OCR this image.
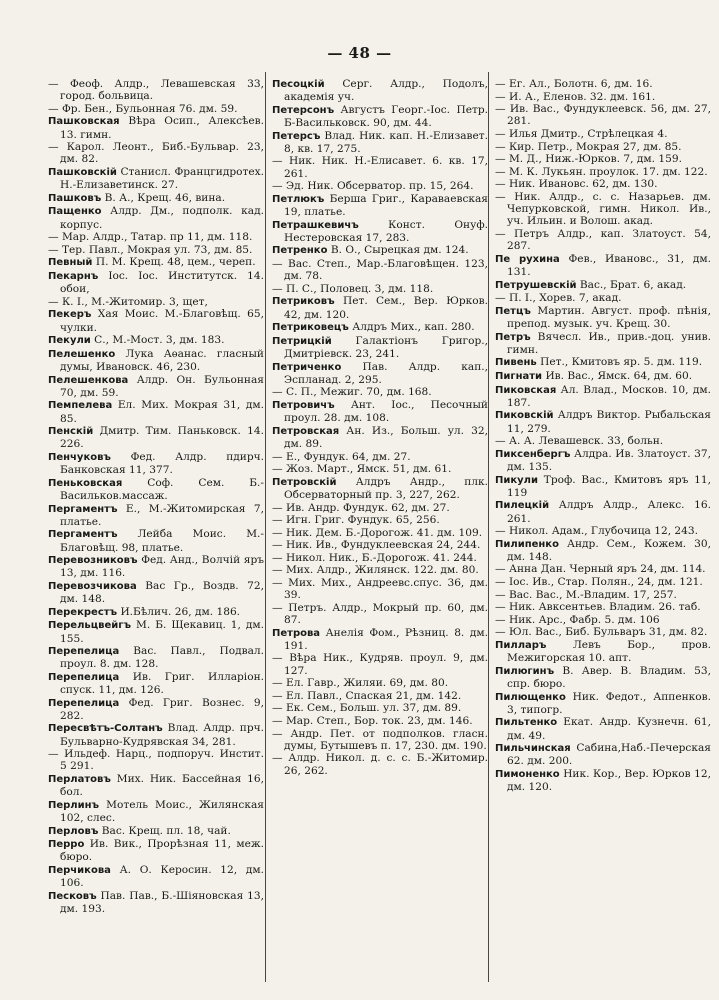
— 48 —
— Феоф. Алдр., Левашевская 33, город. больвица.
— Фр. Бен., Бульонная 76. дм. 59.
Пашковская Вѣра Осип., Алексѣев. 13. гимн.
— Карол. Леонт., Биб.-Бульвар. 23, дм. 82.
Пашковскій Станисл. Францгидротех. Н.-Елизаветинск. 27.
Пашковъ В. А., Крещ. 46, вина.
Пащенко Алдр. Дм., подполк. кад. корпус.
— Мар. Алдр., Татар. пр 11, дм. 118.
— Тер. Павл., Мокрая ул. 73, дм. 85.
Певный П. М. Крещ. 48, цем., череп.
Пекарнъ Іос. Іос. Институтск. 14. обои,
— К. І., М.-Житомир. 3, щет,
Пекеръ Хая Моис. М.-Благовѣщ. 65, чулки.
Пекули С., М.-Мост. 3, дм. 183.
Пелешенко Лука Аѳанас. гласный думы, Ивановск. 46, 230.
Пелешенкова Алдр. Он. Бульонная 70, дм. 59.
Пемпелева Ел. Мих. Мокрая 31, дм. 85.
Пенскій Дмитр. Тим. Паньковск. 14. 226.
Пенчуковъ Фед. Алдр. пдирч. Банковская 11, 377.
Пеньковская Соф. Сем. Б.-Васильков.массаж.
Пергаментъ Е., М.-Житомирская 7, платье.
Пергаментъ Лейба Моис. М.-Благовѣщ. 98, платье.
Перевозниковъ Фед. Анд., Волчій яръ 13, дм. 116.
Перевозчикова Вас Гр., Воздв. 72, дм. 148.
Перекрестъ И.Бѣлич. 26, дм. 186.
Перельцвейгъ М. Б. Щекавиц. 1, дм. 155.
Перепелица Вас. Павл., Подвал. проул. 8. дм. 128.
Перепелица Ив. Григ. Илларіон. спуск. 11, дм. 126.
Перепелица Фед. Григ. Вознес. 9, 282.
Пересвѣтъ-Солтанъ Влад. Алдр. прч. Бульварно-Кудрявская 34, 281.
— Ильдеф. Нарц., подпоруч. Инстит. 5 291.
Перлатовъ Мих. Ник. Бассейная 16, бол.
Перлинъ Мотель Моис., Жилянская 102, слес.
Перловъ Вас. Крещ. пл. 18, чай.
Перро Ив. Вик., Прорѣзная 11, меж. бюро.
Перчикова А. О. Керосин. 12, дм. 106.
Песковъ Пав. Пав., Б.-Шіяновская 13, дм. 193.
Песоцкій Серг. Алдр., Подолъ, академія уч.
Петерсонъ Августъ Георг.-Іос. Петр. Б-Васильковск. 90, дм. 44.
Петерсъ Влад. Ник. кап. Н.-Елизавет. 8, кв. 17, 275.
— Ник. Ник. Н.-Елисавет. 6. кв. 17, 261.
— Эд. Ник. Обсерватор. пр. 15, 264.
Петлюкъ Берша Григ., Караваевская 19, платье.
Петрашкевичъ	Конст. Онуф. Нестеровская 17, 283.
Петренко В. О., Сырецкая дм. 124.
— Вас. Степ., Мар.-Благовѣщен. 123, дм. 78.
— П. С., Половец. 3, дм. 118.
Петриковъ Пет. Сем., Вер. Юрков. 42, дм. 120.
Петриковецъ Алдръ Мих., кап. 280.
Петрицкій Галактіонъ Григор., Дмитріевск. 23, 241.
Петриченко Пав. Алдр. кап., Эспланад. 2, 295.
— С. П., Межиг. 70, дм. 168.
Петровичъ Ант. Іос., Песочный проул. 28. дм. 108.
Петровская Ан. Из., Больш. ул. 32, дм. 89.
— Е., Фундук. 64, дм. 27.
— Жоз. Март., Ямск. 51, дм. 61.
Петровскій Алдръ Андр., плк. Обсерваторный пр. 3, 227, 262.
— Ив. Андр. Фундук. 62, дм. 27.
— Игн. Григ. Фундук. 65, 256.
— Ник. Дем. Б.-Дорогож. 41. дм. 109.
— Ник. Ив., Фундуклеевская 24, 244.
— Никол. Ник., Б.-Дорогож. 41. 244.
— Мих. Алдр., Жилянск. 122. дм. 80.
— Мих. Мих., Андреевс.спус. 36, дм. 39.
— Петръ. Алдр., Мокрый пр. 60, дм. 87.
Петрова Анелія Фом., Рѣзниц. 8. дм. 191.
— Вѣра Ник., Кудряв. проул. 9, дм. 127.
— Ел. Гавр., Жиляи. 69, дм. 80.
— Ел. Павл., Спаская 21, дм. 142.
— Ек. Сем., Больш. ул. 37, дм. 89.
— Мар. Степ., Бор. ток. 23, дм. 146.
— Андр. Пет. от подполков. гласн. думы, Бутышевъ п. 17, 230. дм. 190.
— Алдр. Никол. д. с. с. Б.-Житомир. 26, 262.
— Ег. Ал., Болотн. 6, дм. 16.
— И. А., Еленов. 32. дм. 161.
— Ив. Вас., Фундуклеевск. 56, дм. 27, 281.
— Илья Дмитр., Стрѣлецкая 4.
— Кир. Петр., Мокрая 27, дм. 85.
— М. Д., Ниж.-Юрков. 7, дм. 159.
— М. К. Лукьян. проулок. 17. дм. 122.
— Ник. Ивановс. 62, дм. 130.
— Ник. Алдр., с. с. Назарьев. дм. Чепурковской, гимн. Никол. Ив., уч. Ильин. и Волош. акад.
— Петръ Алдр., кап. Златоуст. 54, 287.
Пе рухина Фев., Ивановс., 31, дм. 131.
Петрушевскій Вас., Брат. 6, акад.
— П. І., Хорев. 7, акад.
Петцъ Мартин. Август. проф. пѣнія, препод. музык. уч. Крещ. 30.
Петръ Вячесл. Ив., прив.-доц. унив. гимн.
Пивень Пет., Кмитовъ яр. 5. дм. 119.
Пигнати Ив. Вас., Ямск. 64, дм. 60.
Пиковская Ал. Влад., Москов. 10, дм. 187.
Пиковскій Алдръ Виктор. Рыбальская 11, 279.
— А. А. Левашевск. 33, больн.
Пиксенбергъ Алдра. Ив. Златоуст. 37, дм. 135.
Пикули Троф. Вас., Кмитовъ яръ 11, 119
Пилецкій Алдръ Алдр., Алекс. 16. 261.
— Никол. Адам., Глубочица 12, 243.
Пилипенко Андр. Сем., Кожем. 30, дм. 148.
— Анна Дан. Черный яръ 24, дм. 114.
— Іос. Ив., Стар. Полян., 24, дм. 121.
— Вас. Вас., М.-Владим. 17, 257.
— Ник. Авксентьев. Владим. 26. таб.
— Ник. Арс., Фабр. 5. дм. 106
— Юл. Вас., Биб. Бульваръ 31, дм. 82.
Пилларъ	Левъ Бор., пров. Межигорская 10. апт.
Пилюгинъ В. Авер. В. Владим. 53, спр. бюро.
Пилющенко Ник. Федот., Аппенков. 3, типогр.
Пильтенко Екат. Андр. Кузнечн. 61, дм. 49.
Пильчинская Сабина,Наб.-Печерская 62. дм. 200.
Пимоненко Ник. Кор., Вер. Юрков 12, дм. 120.
